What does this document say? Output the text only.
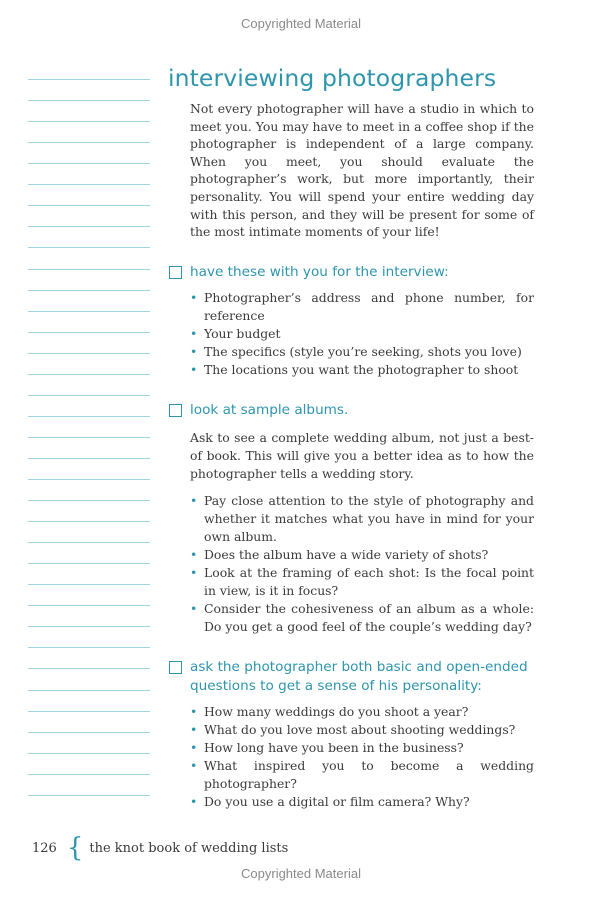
Copyrighted Material
interviewing photographers

Not every photographer will have a studio in which to meet you. You may have to meet in a coffee shop if the photographer is independent of a large company. When you meet, you should evaluate the photographer’s work, but more importantly, their personality. You will spend your entire wedding day with this person, and they will be present for some of the most intimate moments of your life!

have these with you for the interview:
• Photographer’s address and phone number, for reference
• Your budget
• The specifics (style you’re seeking, shots you love)
• The locations you want the photographer to shoot
look at sample albums.

Ask to see a complete wedding album, not just a best-of book. This will give you a better idea as to how the photographer tells a wedding story.

• Pay close attention to the style of photography and whether it matches what you have in mind for your own album.
• Does the album have a wide variety of shots?
• Look at the framing of each shot: Is the focal point in view, is it in focus?
• Consider the cohesiveness of an album as a whole: Do you get a good feel of the couple’s wedding day?
ask the photographer both basic and open-ended questions to get a sense of his personality:
• How many weddings do you shoot a year?
• What do you love most about shooting weddings?
• How long have you been in the business?
• What inspired you to become a wedding photographer?
• Do you use a digital or film camera? Why?
126 { the knot book of wedding lists
Copyrighted Material
